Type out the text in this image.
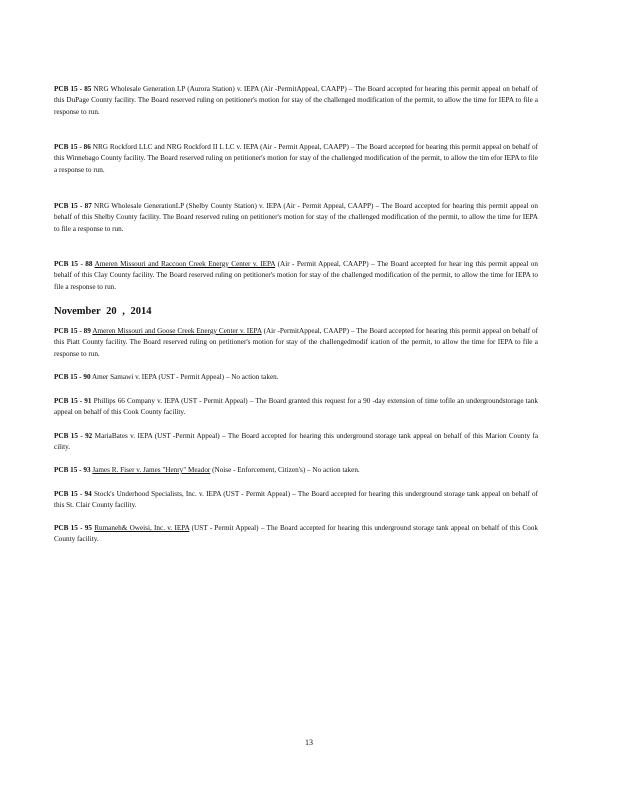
PCB 15 - 85 NRG Wholesale Generation LP (Aurora Station) v. IEPA (Air -PermitAppeal, CAAPP) – The Board accepted for hearing this permit appeal on behalf of this DuPage County facility. The Board reserved ruling on petitioner's motion for stay of the challenged modification of the permit, to allow the time for IEPA to file a response to run.
PCB 15 - 86 NRG Rockford LLC and NRG Rockford II L LC v. IEPA (Air - Permit Appeal, CAAPP) – The Board accepted for hearing this permit appeal on behalf of this Winnebago County facility. The Board reserved ruling on petitioner's motion for stay of the challenged modification of the permit, to allow the tim efor IEPA to file a response to run.
PCB 15 - 87 NRG Wholesale GenerationLP (Shelby County Station) v. IEPA (Air - Permit Appeal, CAAPP) – The Board accepted for hearing this permit appeal on behalf of this Shelby County facility. The Board reserved ruling on petitioner's motion for stay of the challenged modification of the permit, to allow the time for IEPA to file a response to run.
PCB 15 - 88 Ameren Missouri and Raccoon Creek Energy Center v. IEPA (Air - Permit Appeal, CAAPP) – The Board accepted for hear ing this permit appeal on behalf of this Clay County facility. The Board reserved ruling on petitioner's motion for stay of the challenged modification of the permit, to allow the time for IEPA to file a response to run.
November 20 , 2014
PCB 15 - 89 Ameren Missouri and Goose Creek Energy Center v. IEPA (Air -PermitAppeal, CAAPP) – The Board accepted for hearing this permit appeal on behalf of this Piatt County facility. The Board reserved ruling on petitioner's motion for stay of the challengedmodif ication of the permit, to allow the time for IEPA to file a response to run.
PCB 15 - 90 Amer Samawi v. IEPA (UST - Permit Appeal) – No action taken.
PCB 15 - 91 Phillips 66 Company v. IEPA (UST - Permit Appeal) – The Board granted this request for a 90 -day extension of time tofile an undergroundstorage tank appeal on behalf of this Cook County facility.
PCB 15 - 92 MariaBates v. IEPA (UST -Permit Appeal) – The Board accepted for hearing this underground storage tank appeal on behalf of this Marion County fa cility.
PCB 15 - 93 James R. Fiser v. James "Henry" Meador (Noise - Enforcement, Citizen's) – No action taken.
PCB 15 - 94 Stock's Underhood Specialists, Inc. v. IEPA (UST - Permit Appeal) – The Board accepted for hearing this underground storage tank appeal on behalf of this St. Clair County facility.
PCB 15 - 95 Rumaneh& Oweisi, Inc. v. IEPA (UST - Permit Appeal) – The Board accepted for hearing this underground storage tank appeal on behalf of this Cook County facility.
13
